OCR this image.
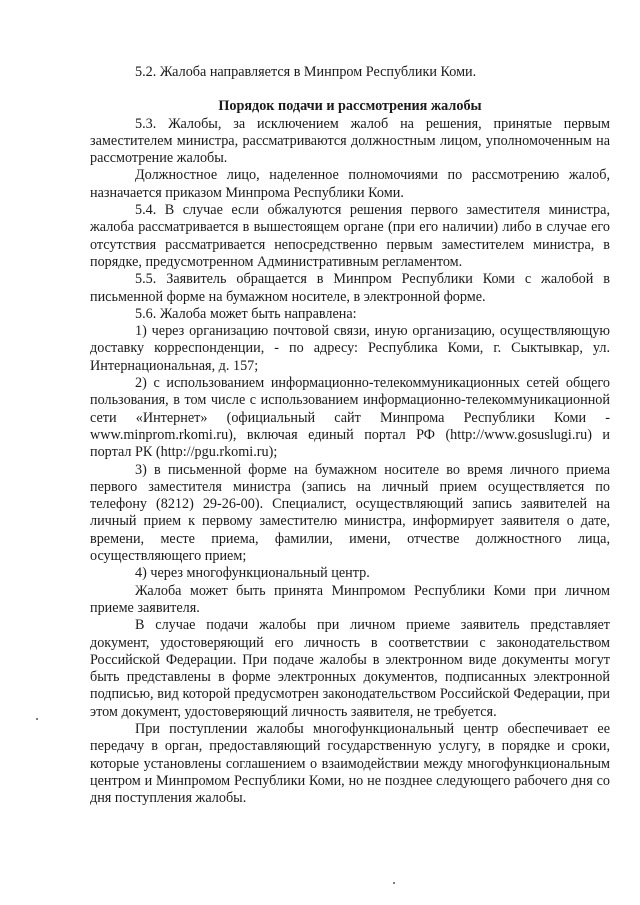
5.2. Жалоба направляется в Минпром Республики Коми.

Порядок подачи и рассмотрения жалобы

5.3. Жалобы, за исключением жалоб на решения, принятые первым заместителем министра, рассматриваются должностным лицом, уполномоченным на рассмотрение жалобы.

Должностное лицо, наделенное полномочиями по рассмотрению жалоб, назначается приказом Минпрома Республики Коми.

5.4. В случае если обжалуются решения первого заместителя министра, жалоба рассматривается в вышестоящем органе (при его наличии) либо в случае его отсутствия рассматривается непосредственно первым заместителем министра, в порядке, предусмотренном Административным регламентом.

5.5. Заявитель обращается в Минпром Республики Коми с жалобой в письменной форме на бумажном носителе, в электронной форме.

5.6. Жалоба может быть направлена:

1) через организацию почтовой связи, иную организацию, осуществляющую доставку корреспонденции, - по адресу: Республика Коми, г. Сыктывкар, ул. Интернациональная, д. 157;

2) с использованием информационно-телекоммуникационных сетей общего пользования, в том числе с использованием информационно-телекоммуникационной сети «Интернет» (официальный сайт Минпрома Республики Коми - www.minprom.rkomi.ru), включая единый портал РФ (http://www.gosuslugi.ru) и портал РК (http://pgu.rkomi.ru);

3) в письменной форме на бумажном носителе во время личного приема первого заместителя министра (запись на личный прием осуществляется по телефону (8212) 29-26-00). Специалист, осуществляющий запись заявителей на личный прием к первому заместителю министра, информирует заявителя о дате, времени, месте приема, фамилии, имени, отчестве должностного лица, осуществляющего прием;

4) через многофункциональный центр.

Жалоба может быть принята Минпромом Республики Коми при личном приеме заявителя.

В случае подачи жалобы при личном приеме заявитель представляет документ, удостоверяющий его личность в соответствии с законодательством Российской Федерации. При подаче жалобы в электронном виде документы могут быть представлены в форме электронных документов, подписанных электронной подписью, вид которой предусмотрен законодательством Российской Федерации, при этом документ, удостоверяющий личность заявителя, не требуется.

При поступлении жалобы многофункциональный центр обеспечивает ее передачу в орган, предоставляющий государственную услугу, в порядке и сроки, которые установлены соглашением о взаимодействии между многофункциональным центром и Минпромом Республики Коми, но не позднее следующего рабочего дня со дня поступления жалобы.
